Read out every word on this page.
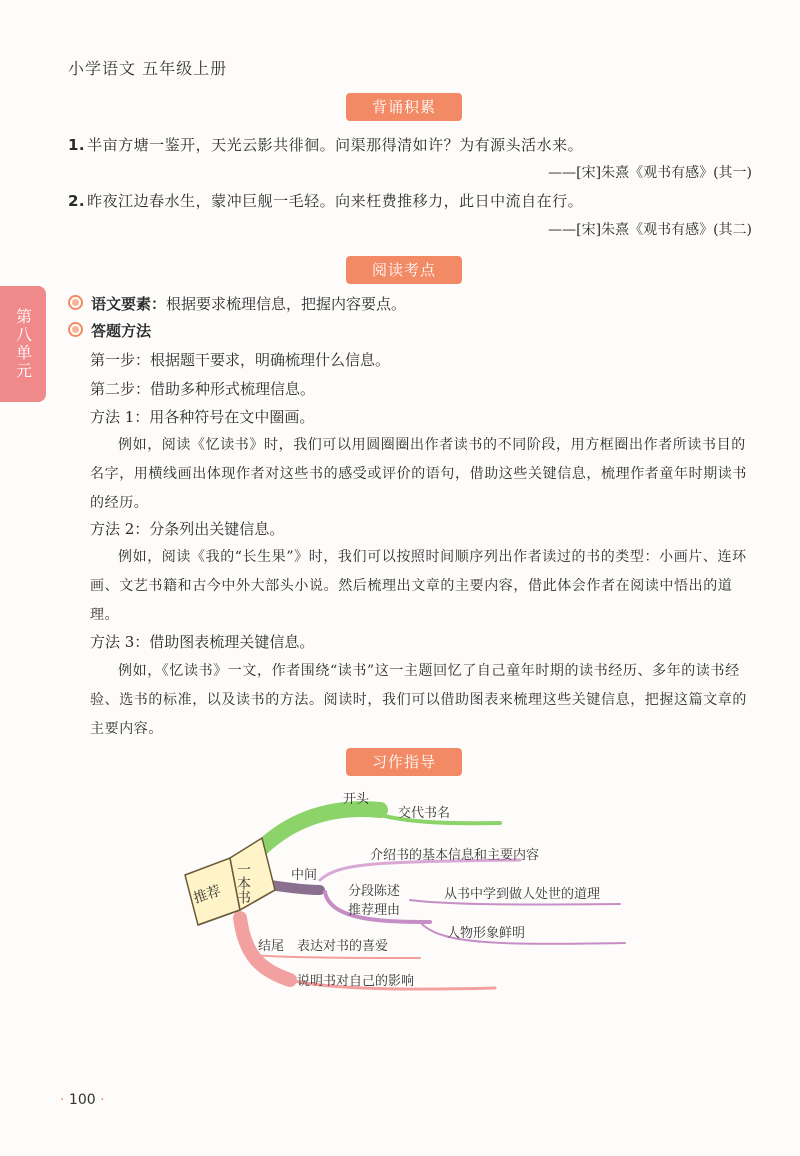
小学语文 五年级上册
背诵积累
1. 半亩方塘一鉴开，天光云影共徘徊。问渠那得清如许？为有源头活水来。
——[宋]朱熹《观书有感》(其一)
2. 昨夜江边春水生，蒙冲巨舰一毛轻。向来枉费推移力，此日中流自在行。
——[宋]朱熹《观书有感》(其二)
阅读考点
第八单元
语文要素：根据要求梳理信息，把握内容要点。
答题方法
第一步：根据题干要求，明确梳理什么信息。
第二步：借助多种形式梳理信息。
方法 1：用各种符号在文中圈画。
例如，阅读《忆读书》时，我们可以用圆圈圈出作者读书的不同阶段，用方框圈出作者所读书目的名字，用横线画出体现作者对这些书的感受或评价的语句，借助这些关键信息，梳理作者童年时期读书的经历。
方法 2：分条列出关键信息。
例如，阅读《我的“长生果”》时，我们可以按照时间顺序列出作者读过的书的类型：小画片、连环画、文艺书籍和古今中外大部头小说。然后梳理出文章的主要内容，借此体会作者在阅读中悟出的道理。
方法 3：借助图表梳理关键信息。
例如，《忆读书》一文，作者围绕“读书”这一主题回忆了自己童年时期的读书经历、多年的读书经验、选书的标准，以及读书的方法。阅读时，我们可以借助图表来梳理这些关键信息，把握这篇文章的主要内容。
习作指导
推荐 一本书
开头
交代书名
中间
介绍书的基本信息和主要内容
分段陈述
推荐理由
从书中学到做人处世的道理
人物形象鲜明
结尾 表达对书的喜爱
说明书对自己的影响
· 100 ·
